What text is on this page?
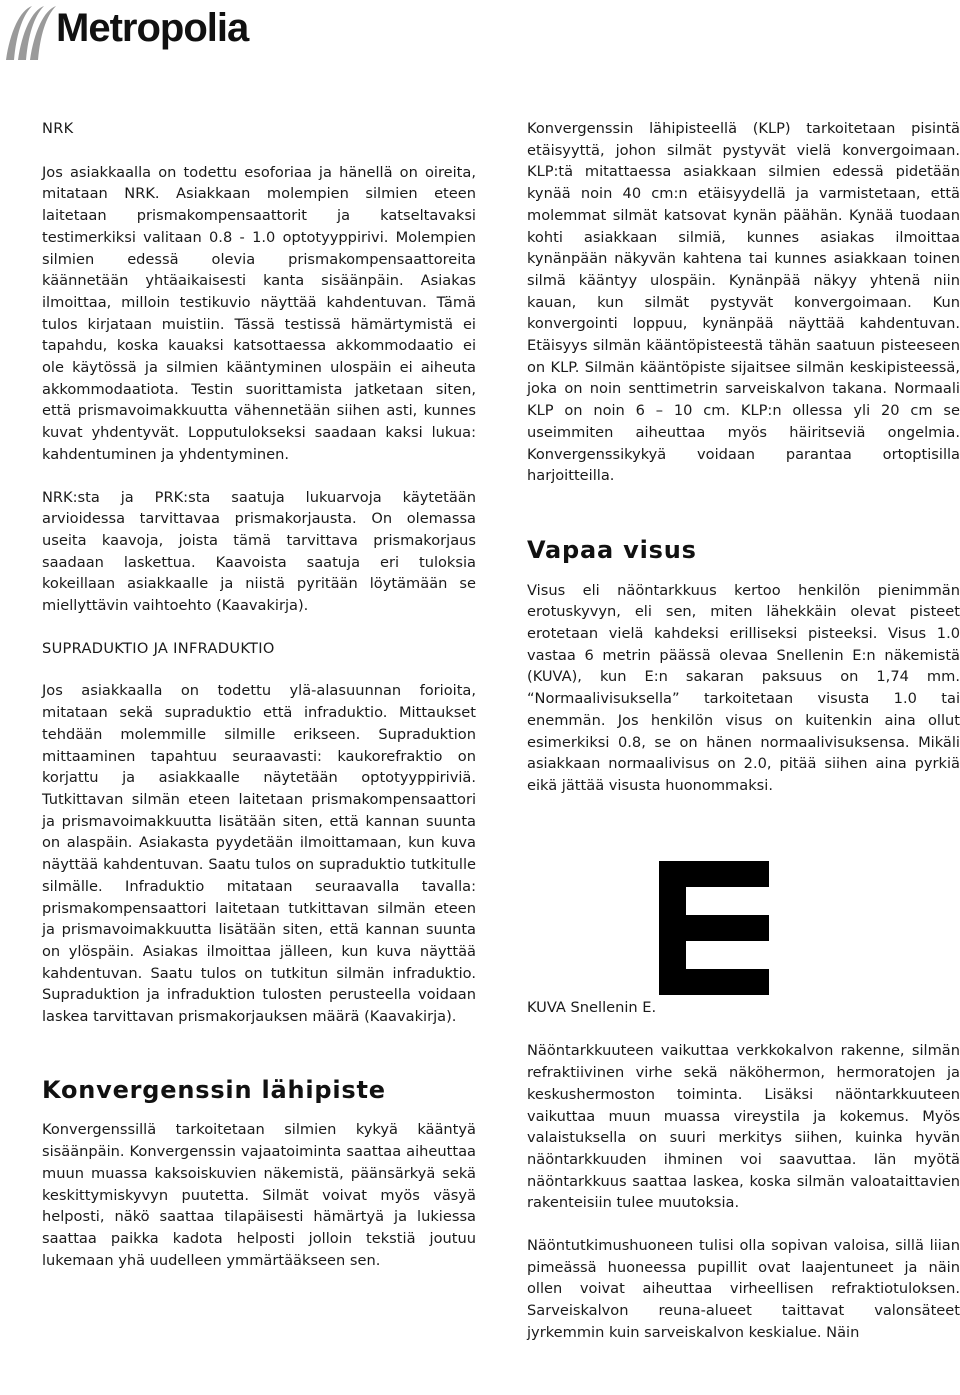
Metropolia
NRK

Jos asiakkaalla on todettu esoforiaa ja hänellä on oireita, mitataan NRK. Asiakkaan molempien silmien eteen laitetaan prismakompensaattorit ja katseltavaksi testimerkiksi valitaan 0.8 - 1.0 optotyyppirivi. Molempien silmien edessä olevia prismakompensaattoreita käännetään yhtäaikaisesti kanta sisäänpäin. Asiakas ilmoittaa, milloin testikuvio näyttää kahdentuvan. Tämä tulos kirjataan muistiin. Tässä testissä hämärtymistä ei tapahdu, koska kauaksi katsottaessa akkommodaatio ei ole käytössä ja silmien kääntyminen ulospäin ei aiheuta akkommodaatiota. Testin suorittamista jatketaan siten, että prismavoimakkuutta vähennetään siihen asti, kunnes kuvat yhdentyvät. Lopputulokseksi saadaan kaksi lukua: kahdentuminen ja yhdentyminen.

NRK:sta ja PRK:sta saatuja lukuarvoja käytetään arvioidessa tarvittavaa prismakorjausta. On olemassa useita kaavoja, joista tämä tarvittava prismakorjaus saadaan laskettua. Kaavoista saatuja eri tuloksia kokeillaan asiakkaalle ja niistä pyritään löytämään se miellyttävin vaihtoehto (Kaavakirja).

SUPRADUKTIO JA INFRADUKTIO

Jos asiakkaalla on todettu ylä-alasuunnan forioita, mitataan sekä supraduktio että infraduktio. Mittaukset tehdään molemmille silmille erikseen. Supraduktion mittaaminen tapahtuu seuraavasti: kaukorefraktio on korjattu ja asiakkaalle näytetään optotyyppiriviä. Tutkittavan silmän eteen laitetaan prismakompensaattori ja prismavoimakkuutta lisätään siten, että kannan suunta on alaspäin. Asiakasta pyydetään ilmoittamaan, kun kuva näyttää kahdentuvan. Saatu tulos on supraduktio tutkitulle silmälle. Infraduktio mitataan seuraavalla tavalla: prismakompensaattori laitetaan tutkittavan silmän eteen ja prismavoimakkuutta lisätään siten, että kannan suunta on ylöspäin. Asiakas ilmoittaa jälleen, kun kuva näyttää kahdentuvan. Saatu tulos on tutkitun silmän infraduktio. Supraduktion ja infraduktion tulosten perusteella voidaan laskea tarvittavan prismakorjauksen määrä (Kaavakirja).

Konvergenssin lähipiste

Konvergenssillä tarkoitetaan silmien kykyä kääntyä sisäänpäin. Konvergenssin vajaatoiminta saattaa aiheuttaa muun muassa kaksoiskuvien näkemistä, päänsärkyä sekä keskittymiskyvyn puutetta. Silmät voivat myös väsyä helposti, näkö saattaa tilapäisesti hämärtyä ja lukiessa saattaa paikka kadota helposti jolloin tekstiä joutuu lukemaan yhä uudelleen ymmärtääkseen sen.

Konvergenssin lähipisteellä (KLP) tarkoitetaan pisintä etäisyyttä, johon silmät pystyvät vielä konvergoimaan. KLP:tä mitattaessa asiakkaan silmien edessä pidetään kynää noin 40 cm:n etäisyydellä ja varmistetaan, että molemmat silmät katsovat kynän päähän. Kynää tuodaan kohti asiakkaan silmiä, kunnes asiakas ilmoittaa kynänpään näkyvän kahtena tai kunnes asiakkaan toinen silmä kääntyy ulospäin. Kynänpää näkyy yhtenä niin kauan, kun silmät pystyvät konvergoimaan. Kun konvergointi loppuu, kynänpää näyttää kahdentuvan. Etäisyys silmän kääntöpisteestä tähän saatuun pisteeseen on KLP. Silmän kääntöpiste sijaitsee silmän keskipisteessä, joka on noin senttimetrin sarveiskalvon takana. Normaali KLP on noin 6 – 10 cm. KLP:n ollessa yli 20 cm se useimmiten aiheuttaa myös häiritseviä ongelmia. Konvergenssikykyä voidaan parantaa ortoptisilla harjoitteilla.

Vapaa visus

Visus eli näöntarkkuus kertoo henkilön pienimmän erotuskyvyn, eli sen, miten lähekkäin olevat pisteet erotetaan vielä kahdeksi erilliseksi pisteeksi. Visus 1.0 vastaa 6 metrin päässä olevaa Snellenin E:n näkemistä (KUVA), kun E:n sakaran paksuus on 1,74 mm. “Normaalivisuksella” tarkoitetaan visusta 1.0 tai enemmän. Jos henkilön visus on kuitenkin aina ollut esimerkiksi 0.8, se on hänen normaalivisuksensa. Mikäli asiakkaan normaalivisus on 2.0, pitää siihen aina pyrkiä eikä jättää visusta huonommaksi.

KUVA Snellenin E.

Näöntarkkuuteen vaikuttaa verkkokalvon rakenne, silmän refraktiivinen virhe sekä näköhermon, hermoratojen ja keskushermoston toiminta. Lisäksi näöntarkkuuteen vaikuttaa muun muassa vireystila ja kokemus. Myös valaistuksella on suuri merkitys siihen, kuinka hyvän näöntarkkuuden ihminen voi saavuttaa. Iän myötä näöntarkkuus saattaa laskea, koska silmän valoataittavien rakenteisiin tulee muutoksia.

Näöntutkimushuoneen tulisi olla sopivan valoisa, sillä liian pimeässä huoneessa pupillit ovat laajentuneet ja näin ollen voivat aiheuttaa virheellisen refraktiotuloksen. Sarveiskalvon reuna-alueet taittavat valonsäteet jyrkemmin kuin sarveiskalvon keskialue. Näin
